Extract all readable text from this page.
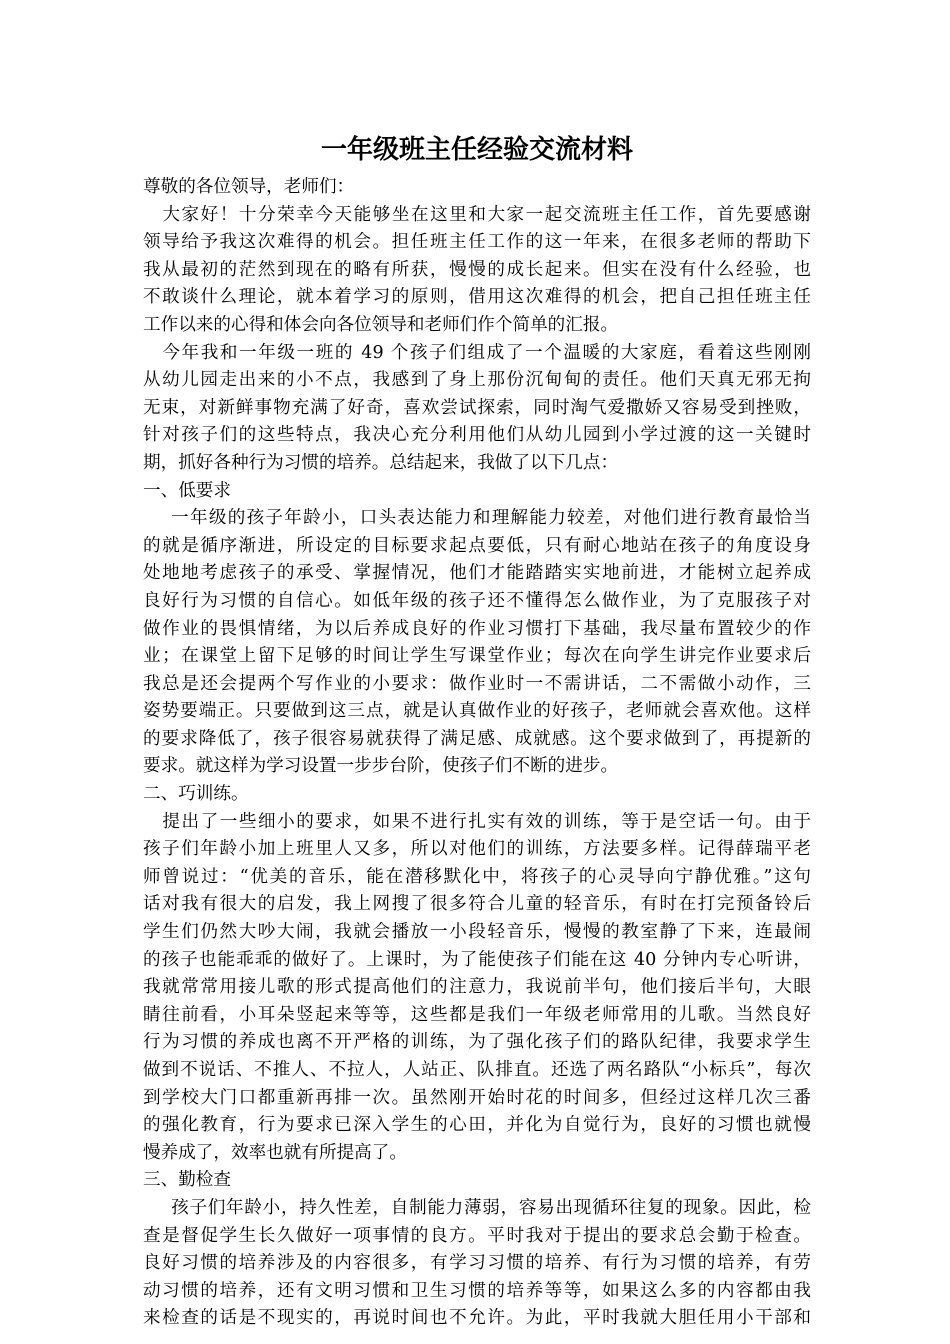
一年级班主任经验交流材料
尊敬的各位领导，老师们：
大家好！十分荣幸今天能够坐在这里和大家一起交流班主任工作，首先要感谢
领导给予我这次难得的机会。担任班主任工作的这一年来，在很多老师的帮助下
我从最初的茫然到现在的略有所获，慢慢的成长起来。但实在没有什么经验，也
不敢谈什么理论，就本着学习的原则，借用这次难得的机会，把自己担任班主任
工作以来的心得和体会向各位领导和老师们作个简单的汇报。
今年我和一年级一班的 49 个孩子们组成了一个温暖的大家庭，看着这些刚刚
从幼儿园走出来的小不点，我感到了身上那份沉甸甸的责任。他们天真无邪无拘
无束，对新鲜事物充满了好奇，喜欢尝试探索，同时淘气爱撒娇又容易受到挫败，
针对孩子们的这些特点，我决心充分利用他们从幼儿园到小学过渡的这一关键时
期，抓好各种行为习惯的培养。总结起来，我做了以下几点：
一、低要求
一年级的孩子年龄小，口头表达能力和理解能力较差，对他们进行教育最恰当
的就是循序渐进，所设定的目标要求起点要低，只有耐心地站在孩子的角度设身
处地地考虑孩子的承受、掌握情况，他们才能踏踏实实地前进，才能树立起养成
良好行为习惯的自信心。如低年级的孩子还不懂得怎么做作业，为了克服孩子对
做作业的畏惧情绪，为以后养成良好的作业习惯打下基础，我尽量布置较少的作
业；在课堂上留下足够的时间让学生写课堂作业；每次在向学生讲完作业要求后
我总是还会提两个写作业的小要求：做作业时一不需讲话，二不需做小动作，三
姿势要端正。只要做到这三点，就是认真做作业的好孩子，老师就会喜欢他。这样
的要求降低了，孩子很容易就获得了满足感、成就感。这个要求做到了，再提新的
要求。就这样为学习设置一步步台阶，使孩子们不断的进步。
二、巧训练。
提出了一些细小的要求，如果不进行扎实有效的训练，等于是空话一句。由于
孩子们年龄小加上班里人又多，所以对他们的训练，方法要多样。记得薛瑞平老
师曾说过：“优美的音乐，能在潜移默化中，将孩子的心灵导向宁静优雅。”这句
话对我有很大的启发，我上网搜了很多符合儿童的轻音乐，有时在打完预备铃后
学生们仍然大吵大闹，我就会播放一小段轻音乐，慢慢的教室静了下来，连最闹
的孩子也能乖乖的做好了。上课时，为了能使孩子们能在这 40 分钟内专心听讲，
我就常常用接儿歌的形式提高他们的注意力，我说前半句，他们接后半句，大眼
睛往前看，小耳朵竖起来等等，这些都是我们一年级老师常用的儿歌。当然良好
行为习惯的养成也离不开严格的训练，为了强化孩子们的路队纪律，我要求学生
做到不说话、不推人、不拉人，人站正、队排直。还选了两名路队“小标兵”，每次
到学校大门口都重新再排一次。虽然刚开始时花的时间多，但经过这样几次三番
的强化教育，行为要求已深入学生的心田，并化为自觉行为，良好的习惯也就慢
慢养成了，效率也就有所提高了。
三、勤检查
孩子们年龄小，持久性差，自制能力薄弱，容易出现循环往复的现象。因此，检
查是督促学生长久做好一项事情的良方。平时我对于提出的要求总会勤于检查。
良好习惯的培养涉及的内容很多，有学习习惯的培养、有行为习惯的培养，有劳
动习惯的培养，还有文明习惯和卫生习惯的培养等等，如果这么多的内容都由我
来检查的话是不现实的，再说时间也不允许。为此，平时我就大胆任用小干部和
